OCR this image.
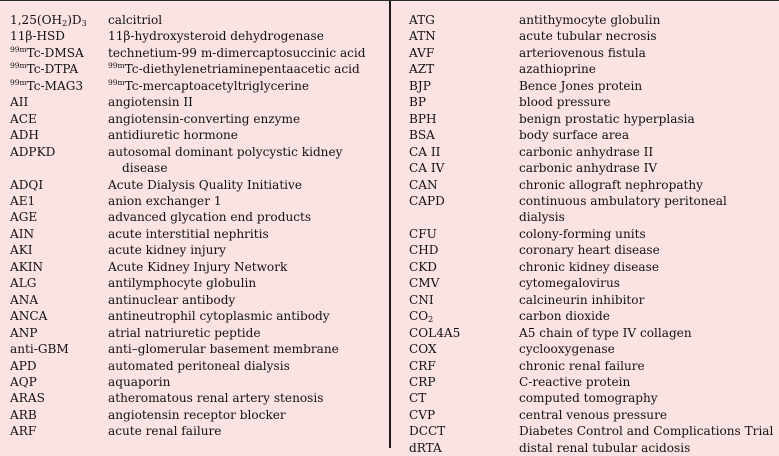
$1,25(OH_2)D_3$	calcitriol
11β-HSD	11β-hydroxysteroid dehydrogenase
$^{99m}$Tc-DMSA	technetium-99 m-dimercaptosuccinic acid
$^{99m}$Tc-DTPA	$^{99m}$Tc-diethylenetriaminepentaacetic acid
$^{99m}$Tc-MAG3	$^{99m}$Tc-mercaptoacetyltriglycerine
AII	angiotensin II
ACE	angiotensin-converting enzyme
ADH	antidiuretic hormone
ADPKD	autosomal dominant polycystic kidney
disease
ADQI	Acute Dialysis Quality Initiative
AE1	anion exchanger 1
AGE	advanced glycation end products
AIN	acute interstitial nephritis
AKI	acute kidney injury
AKIN	Acute Kidney Injury Network
ALG	antilymphocyte globulin
ANA	antinuclear antibody
ANCA	antineutrophil cytoplasmic antibody
ANP	atrial natriuretic peptide
anti-GBM	anti–glomerular basement membrane
APD	automated peritoneal dialysis
AQP	aquaporin
ARAS	atheromatous renal artery stenosis
ARB	angiotensin receptor blocker
ARF	acute renal failure
ATG	antithymocyte globulin
ATN	acute tubular necrosis
AVF	arteriovenous fistula
AZT	azathioprine
BJP	Bence Jones protein
BP	blood pressure
BPH	benign prostatic hyperplasia
BSA	body surface area
CA II	carbonic anhydrase II
CA IV	carbonic anhydrase IV
CAN	chronic allograft nephropathy
CAPD	continuous ambulatory peritoneal dialysis
CFU	colony-forming units
CHD	coronary heart disease
CKD	chronic kidney disease
CMV	cytomegalovirus
CNI	calcineurin inhibitor
$CO_2$	carbon dioxide
COL4A5	A5 chain of type IV collagen
COX	cyclooxygenase
CRF	chronic renal failure
CRP	C-reactive protein
CT	computed tomography
CVP	central venous pressure
DCCT	Diabetes Control and Complications Trial
dRTA	distal renal tubular acidosis
